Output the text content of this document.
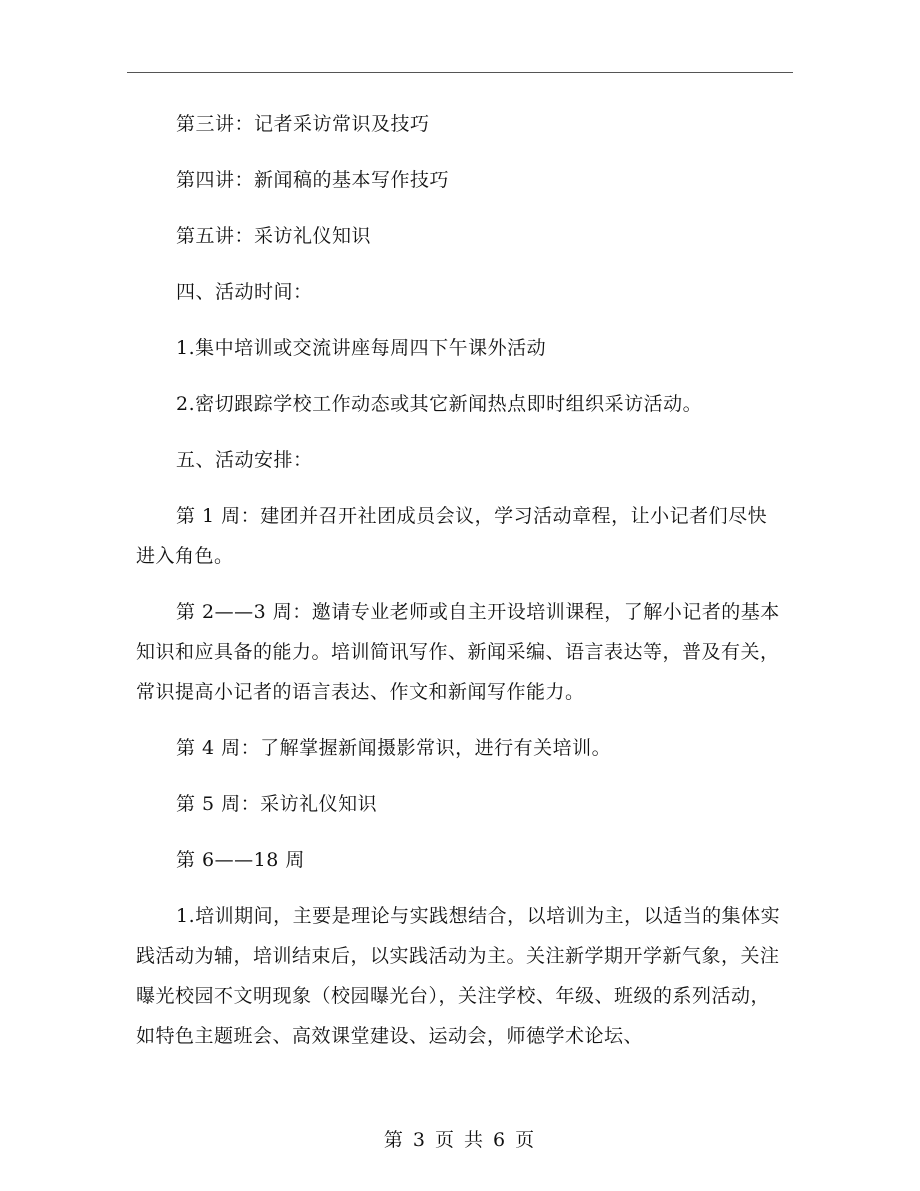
第三讲：记者采访常识及技巧

第四讲：新闻稿的基本写作技巧

第五讲：采访礼仪知识

四、活动时间：

1.集中培训或交流讲座每周四下午课外活动

2.密切跟踪学校工作动态或其它新闻热点即时组织采访活动。

五、活动安排：

第 1 周：建团并召开社团成员会议，学习活动章程，让小记者们尽快进入角色。

第 2——3 周：邀请专业老师或自主开设培训课程，了解小记者的基本知识和应具备的能力。培训简讯写作、新闻采编、语言表达等，普及有关，常识提高小记者的语言表达、作文和新闻写作能力。

第 4 周：了解掌握新闻摄影常识，进行有关培训。

第 5 周：采访礼仪知识

第 6——18 周

1.培训期间，主要是理论与实践想结合，以培训为主，以适当的集体实践活动为辅，培训结束后，以实践活动为主。关注新学期开学新气象，关注曝光校园不文明现象（校园曝光台），关注学校、年级、班级的系列活动，如特色主题班会、高效课堂建设、运动会，师德学术论坛、

第 3 页 共 6 页
